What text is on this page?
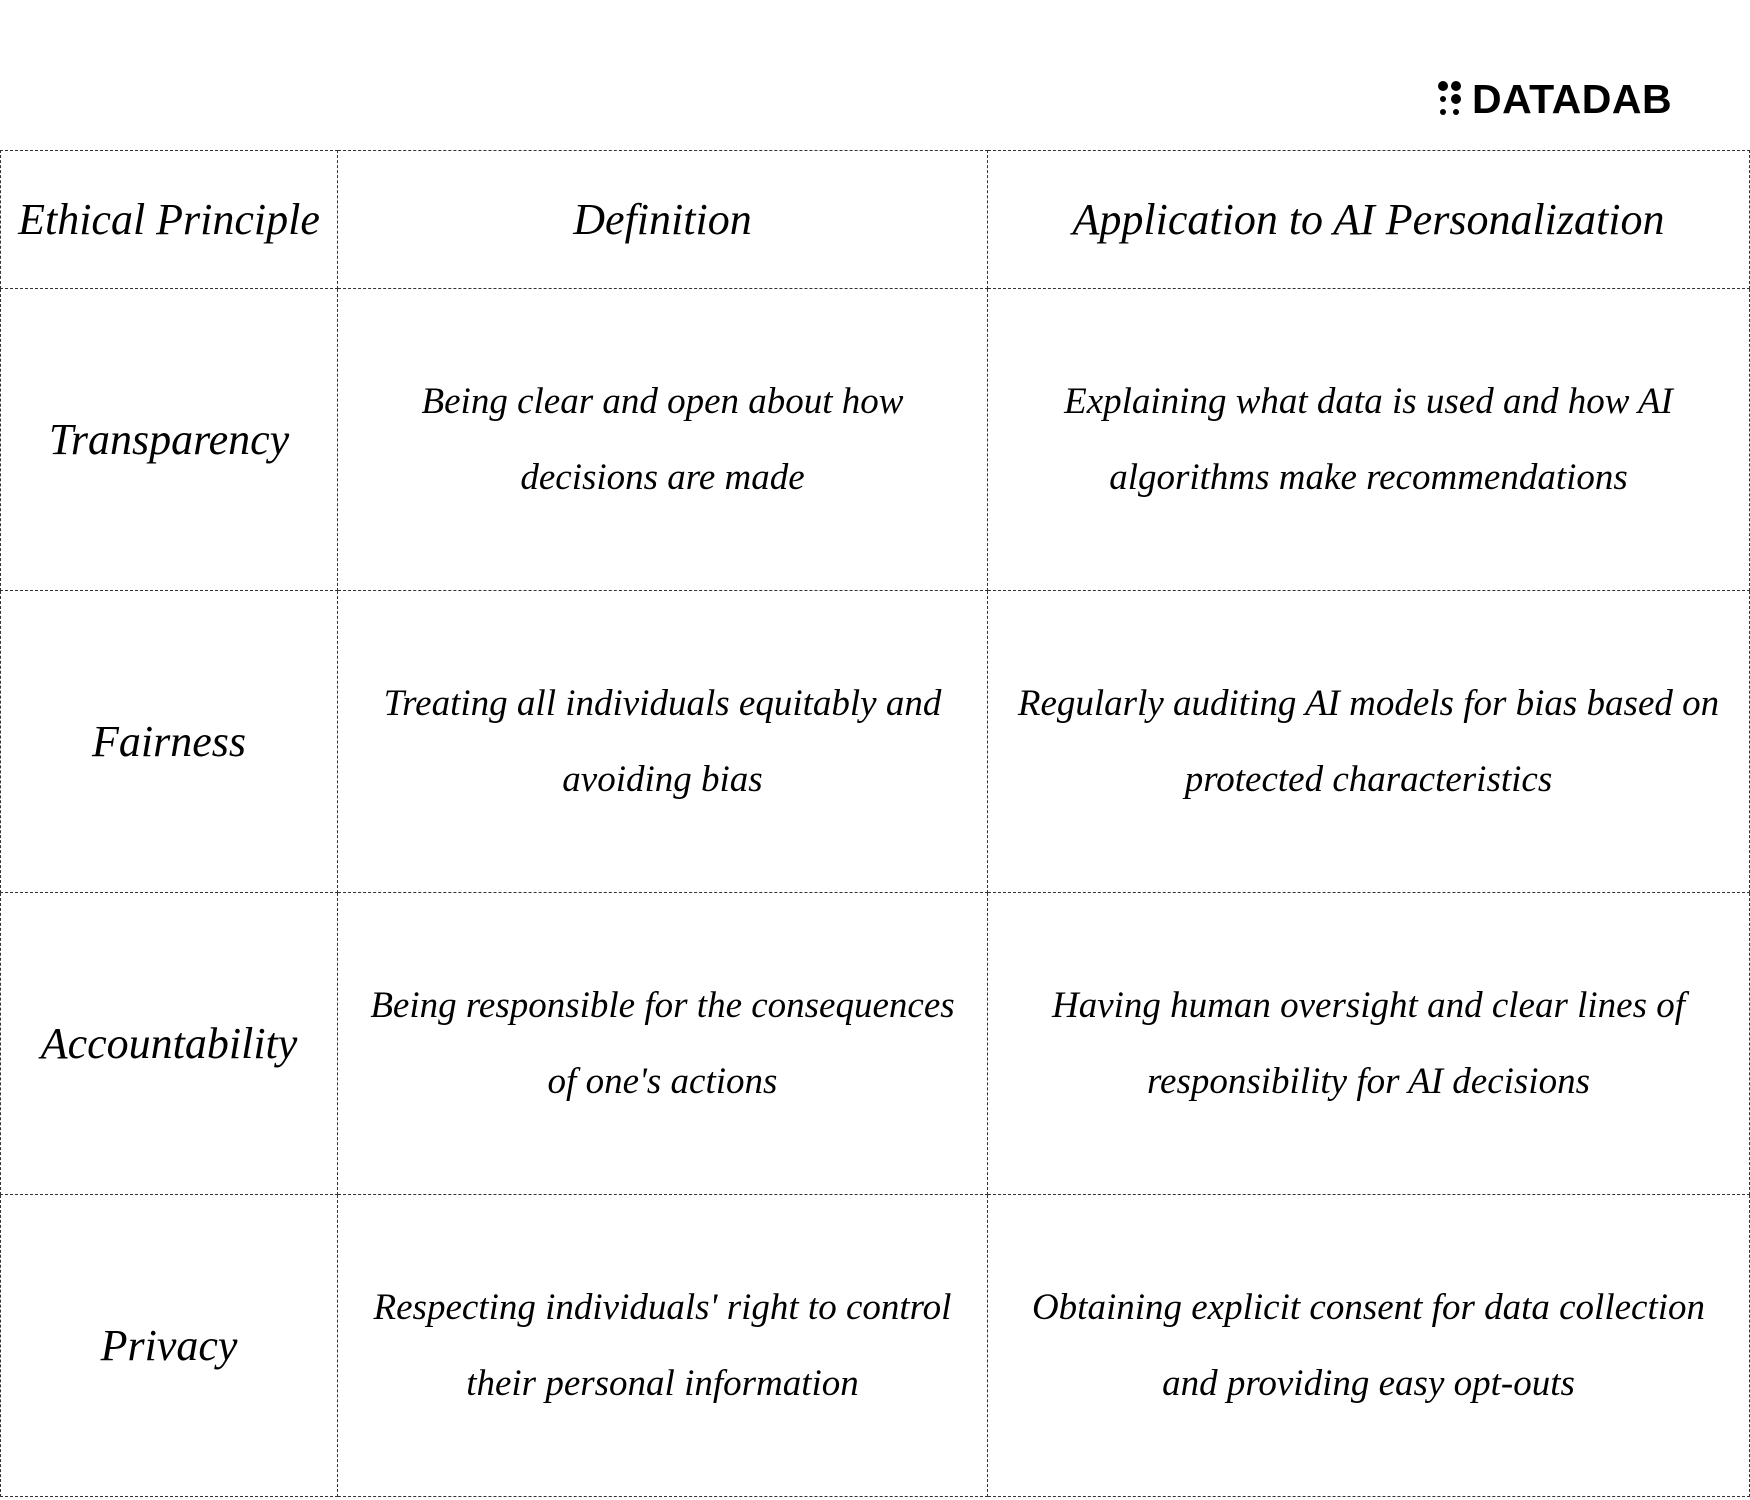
DATADAB
Ethical Principle	Definition	Application to AI Personalization
Transparency	Being clear and open about how decisions are made	Explaining what data is used and how AI algorithms make recommendations
Fairness	Treating all individuals equitably and avoiding bias	Regularly auditing AI models for bias based on protected characteristics
Accountability	Being responsible for the consequences of one's actions	Having human oversight and clear lines of responsibility for AI decisions
Privacy	Respecting individuals' right to control their personal information	Obtaining explicit consent for data collection and providing easy opt-outs
